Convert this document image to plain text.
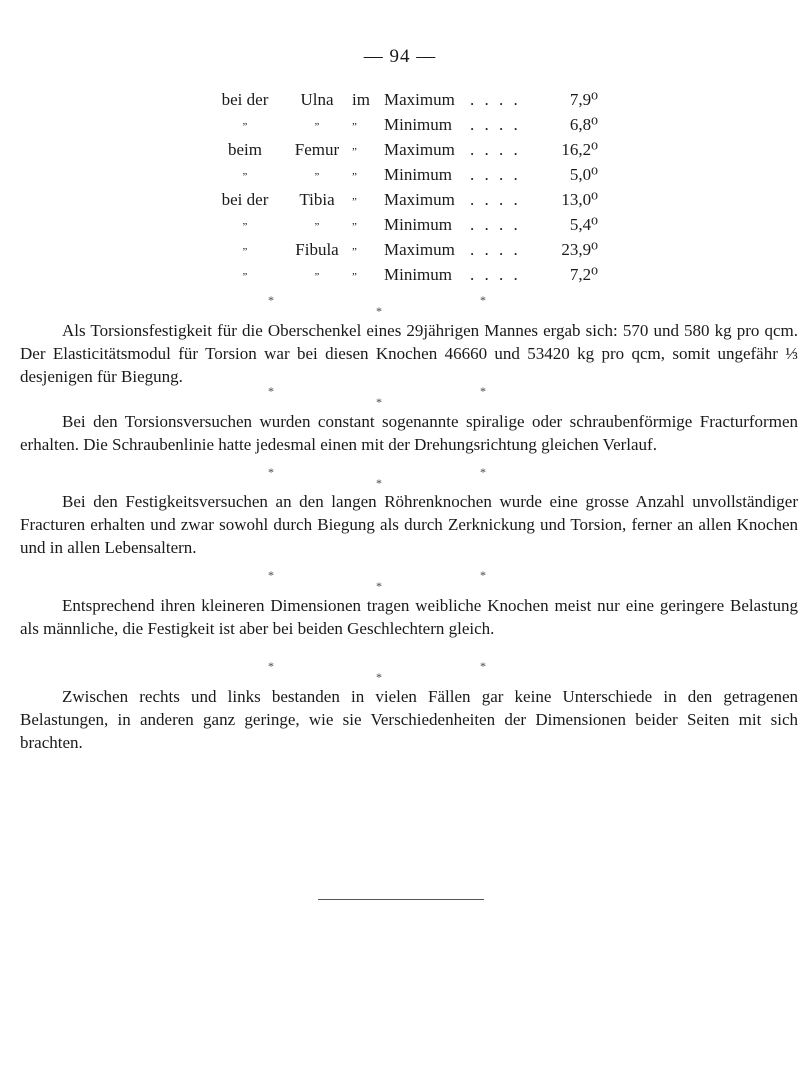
— 94 —
bei der	Ulna	im Maximum . . . .	7,9⁰
„	„	„	Minimum	. . . .	6,8⁰
beim	Femur	„	Maximum . . . .	16,2⁰
„	„	„	Minimum	. . . .	5,0⁰
bei der	Tibia	„	Maximum . . . .	13,0⁰
„	„	„	Minimum	. . . .	5,4⁰
„	Fibula	„	Maximum . . . .	23,9⁰
„	„	„	Minimum	. . . .	7,2⁰
*	*
*

Als Torsionsfestigkeit für die Oberschenkel eines 29jährigen Mannes ergab sich: 570 und 580 kg pro qcm. Der Elasticitätsmodul für Torsion war bei diesen Knochen 46660 und 53420 kg pro qcm, somit ungefähr ⅓ desjenigen für Biegung.

*	*
*

Bei den Torsionsversuchen wurden constant sogenannte spiralige oder schraubenförmige Fracturformen erhalten. Die Schraubenlinie hatte jedesmal einen mit der Drehungsrichtung gleichen Verlauf.

*	*
*

Bei den Festigkeitsversuchen an den langen Röhrenknochen wurde eine grosse Anzahl unvollständiger Fracturen erhalten und zwar sowohl durch Biegung als durch Zerknickung und Torsion, ferner an allen Knochen und in allen Lebensaltern.

*	*
*

Entsprechend ihren kleineren Dimensionen tragen weibliche Knochen meist nur eine geringere Belastung als männliche, die Festigkeit ist aber bei beiden Geschlechtern gleich.

*	*
*

Zwischen rechts und links bestanden in vielen Fällen gar keine Unterschiede in den getragenen Belastungen, in anderen ganz geringe, wie sie Verschiedenheiten der Dimensionen beider Seiten mit sich brachten.
